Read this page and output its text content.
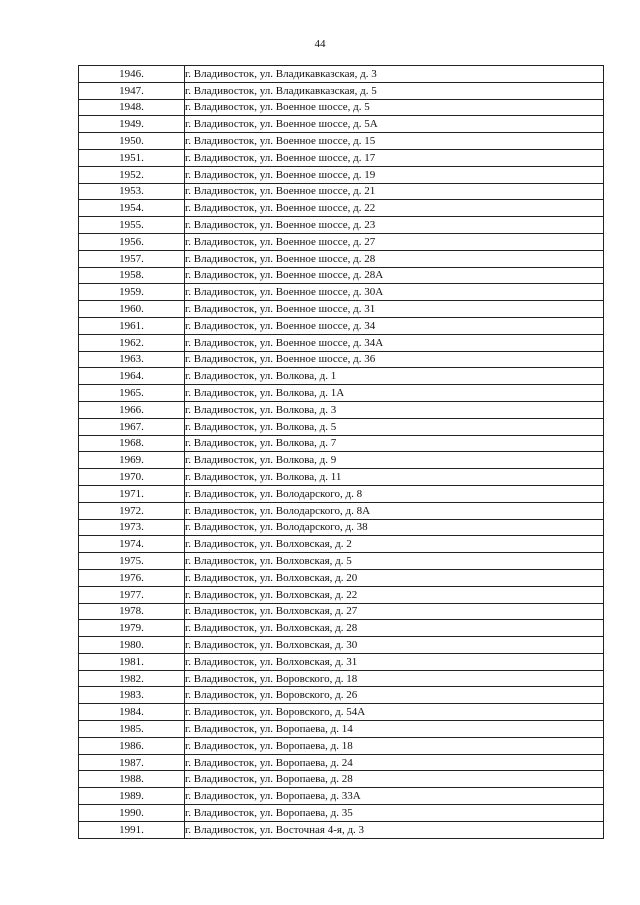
44
1946.	г. Владивосток, ул. Владикавказская, д. 3
1947.	г. Владивосток, ул. Владикавказская, д. 5
1948.	г. Владивосток, ул. Военное шоссе, д. 5
1949.	г. Владивосток, ул. Военное шоссе, д. 5А
1950.	г. Владивосток, ул. Военное шоссе, д. 15
1951.	г. Владивосток, ул. Военное шоссе, д. 17
1952.	г. Владивосток, ул. Военное шоссе, д. 19
1953.	г. Владивосток, ул. Военное шоссе, д. 21
1954.	г. Владивосток, ул. Военное шоссе, д. 22
1955.	г. Владивосток, ул. Военное шоссе, д. 23
1956.	г. Владивосток, ул. Военное шоссе, д. 27
1957.	г. Владивосток, ул. Военное шоссе, д. 28
1958.	г. Владивосток, ул. Военное шоссе, д. 28А
1959.	г. Владивосток, ул. Военное шоссе, д. 30А
1960.	г. Владивосток, ул. Военное шоссе, д. 31
1961.	г. Владивосток, ул. Военное шоссе, д. 34
1962.	г. Владивосток, ул. Военное шоссе, д. 34А
1963.	г. Владивосток, ул. Военное шоссе, д. 36
1964.	г. Владивосток, ул. Волкова, д. 1
1965.	г. Владивосток, ул. Волкова, д. 1А
1966.	г. Владивосток, ул. Волкова, д. 3
1967.	г. Владивосток, ул. Волкова, д. 5
1968.	г. Владивосток, ул. Волкова, д. 7
1969.	г. Владивосток, ул. Волкова, д. 9
1970.	г. Владивосток, ул. Волкова, д. 11
1971.	г. Владивосток, ул. Володарского, д. 8
1972.	г. Владивосток, ул. Володарского, д. 8А
1973.	г. Владивосток, ул. Володарского, д. 38
1974.	г. Владивосток, ул. Волховская, д. 2
1975.	г. Владивосток, ул. Волховская, д. 5
1976.	г. Владивосток, ул. Волховская, д. 20
1977.	г. Владивосток, ул. Волховская, д. 22
1978.	г. Владивосток, ул. Волховская, д. 27
1979.	г. Владивосток, ул. Волховская, д. 28
1980.	г. Владивосток, ул. Волховская, д. 30
1981.	г. Владивосток, ул. Волховская, д. 31
1982.	г. Владивосток, ул. Воровского, д. 18
1983.	г. Владивосток, ул. Воровского, д. 26
1984.	г. Владивосток, ул. Воровского, д. 54А
1985.	г. Владивосток, ул. Воропаева, д. 14
1986.	г. Владивосток, ул. Воропаева, д. 18
1987.	г. Владивосток, ул. Воропаева, д. 24
1988.	г. Владивосток, ул. Воропаева, д. 28
1989.	г. Владивосток, ул. Воропаева, д. 33А
1990.	г. Владивосток, ул. Воропаева, д. 35
1991.	г. Владивосток, ул. Восточная 4-я, д. 3
